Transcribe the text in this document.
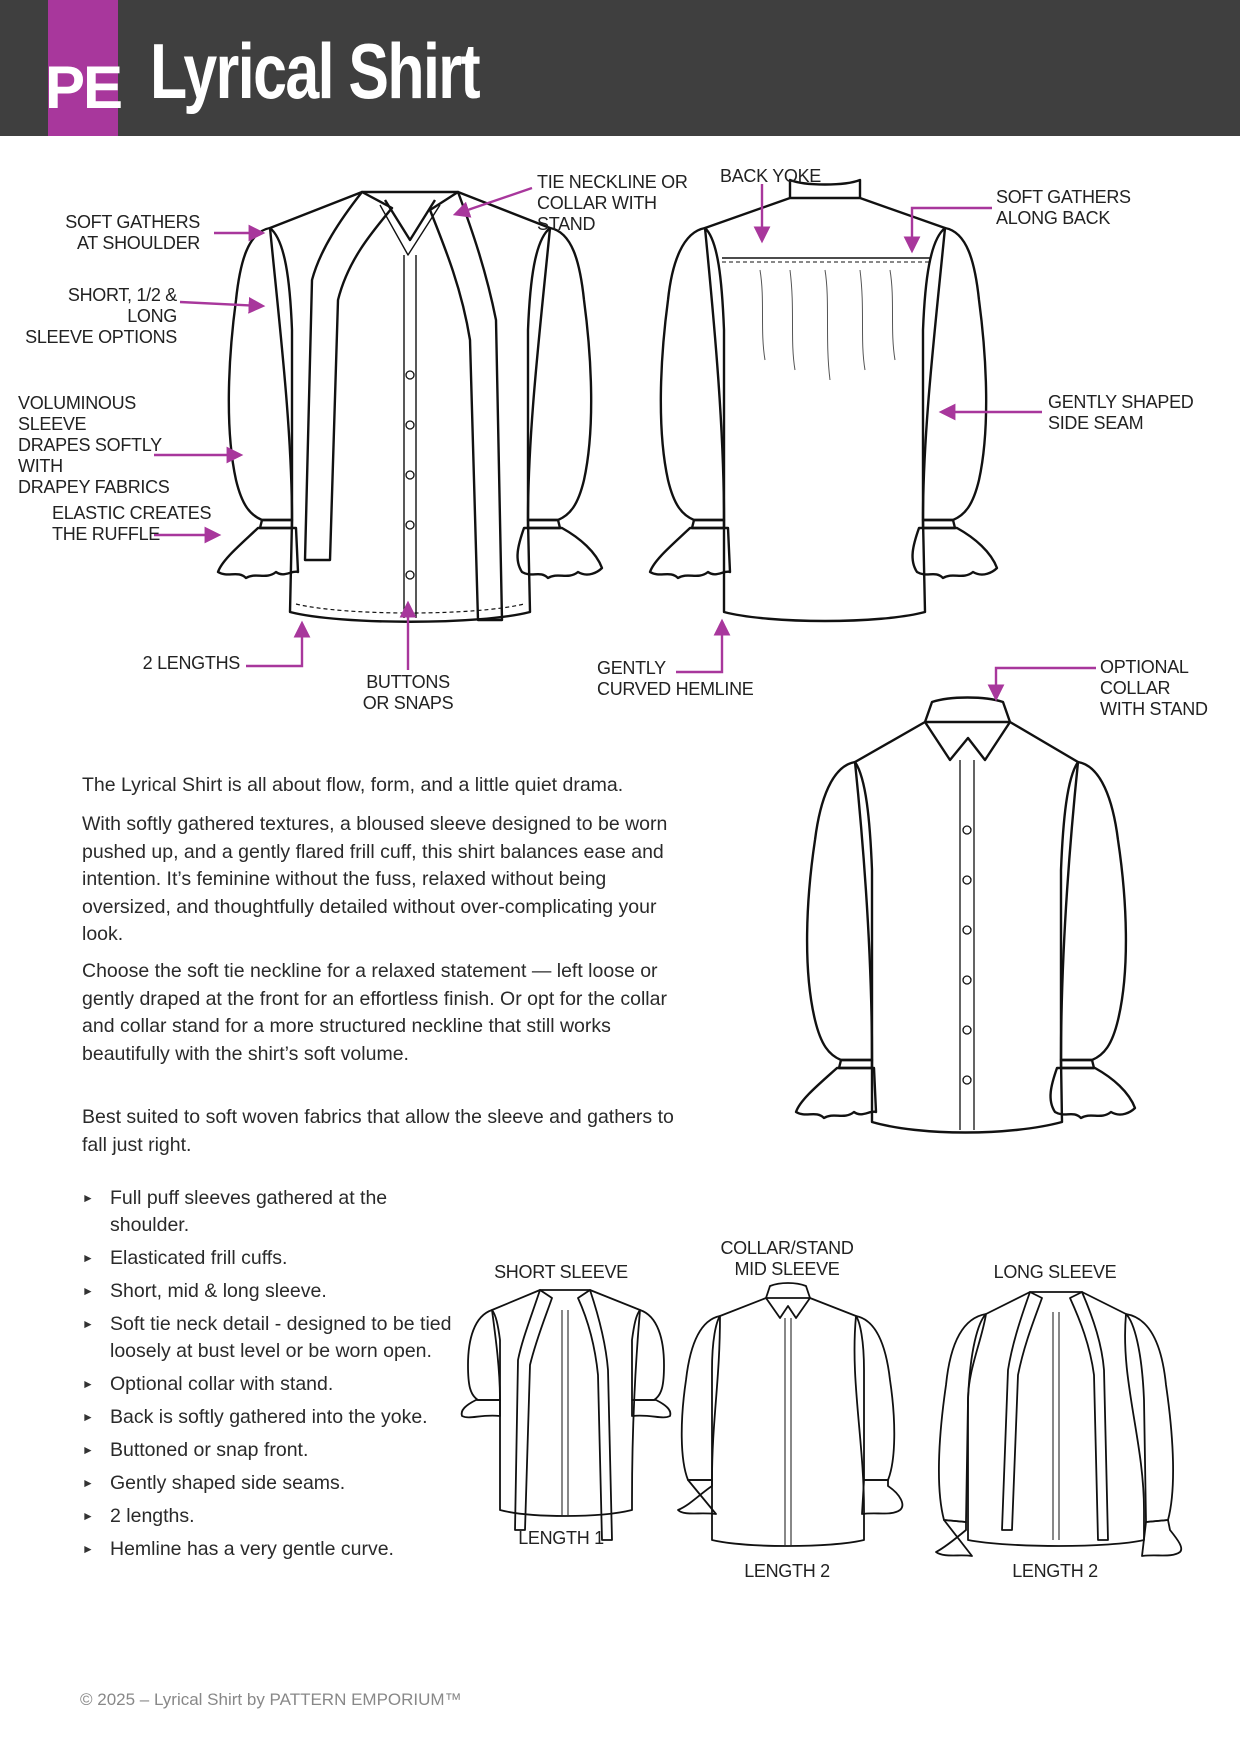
PE Lyrical Shirt
SOFT GATHERS
AT SHOULDER
SHORT, 1/2 & LONG
SLEEVE OPTIONS
VOLUMINOUS SLEEVE
DRAPES SOFTLY WITH
DRAPEY FABRICS
ELASTIC CREATES
THE RUFFLE
2 LENGTHS
BUTTONS
OR SNAPS
TIE NECKLINE OR
COLLAR WITH STAND
BACK YOKE
SOFT GATHERS
ALONG BACK
GENTLY SHAPED
SIDE SEAM
GENTLY
CURVED HEMLINE
OPTIONAL
COLLAR
WITH STAND

The Lyrical Shirt is all about flow, form, and a little quiet drama.

With softly gathered textures, a bloused sleeve designed to be worn pushed up, and a gently flared frill cuff, this shirt balances ease and intention. It’s feminine without the fuss, relaxed without being oversized, and thoughtfully detailed without over-complicating your look.

Choose the soft tie neckline for a relaxed statement — left loose or gently draped at the front for an effortless finish. Or opt for the collar and collar stand for a more structured neckline that still works beautifully with the shirt’s soft volume.

Best suited to soft woven fabrics that allow the sleeve and gathers to fall just right.

► Full puff sleeves gathered at the shoulder.
► Elasticated frill cuffs.
► Short, mid & long sleeve.
► Soft tie neck detail - designed to be tied loosely at bust level or be worn open.
► Optional collar with stand.
► Back is softly gathered into the yoke.
► Buttoned or snap front.
► Gently shaped side seams.
► 2 lengths.
► Hemline has a very gentle curve.
SHORT SLEEVE
LENGTH 1
COLLAR/STAND
MID SLEEVE
LENGTH 2
LONG SLEEVE
LENGTH 2
© 2025 – Lyrical Shirt by PATTERN EMPORIUM™
